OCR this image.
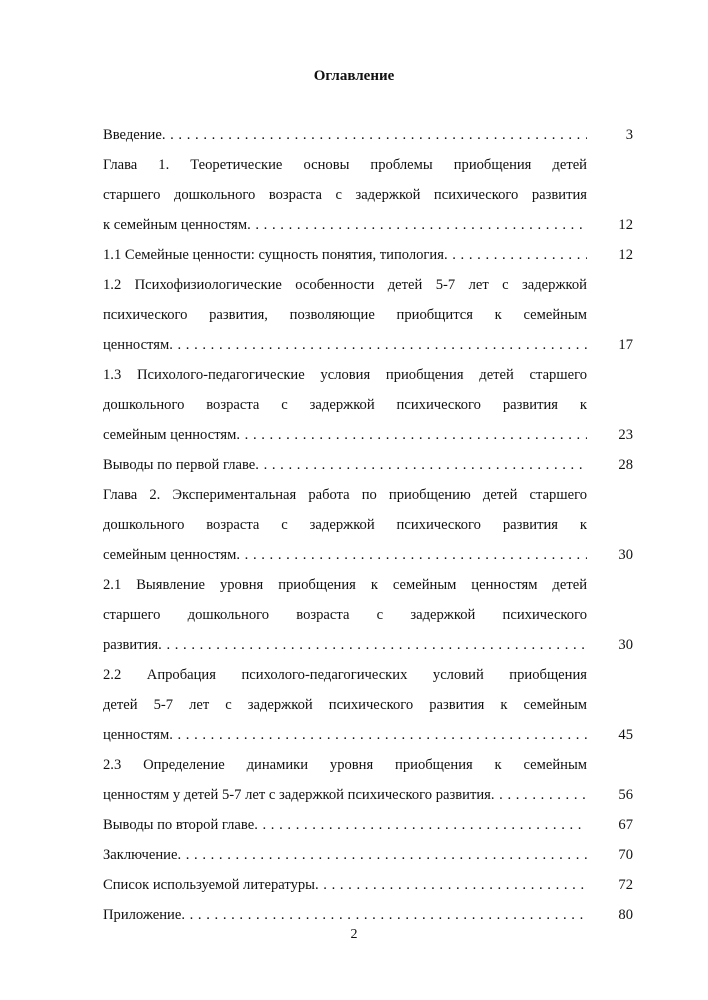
Оглавление
Введение . . .	3
Глава 1. Теоретические основы проблемы приобщения детей
старшего дошкольного возраста с задержкой психического развития
к семейным ценностям . . .	12
1.1 Семейные ценности: сущность понятия, типология . . .	12
1.2 Психофизиологические особенности детей 5-7 лет с задержкой
психического развития, позволяющие приобщится к семейным
ценностям . . .	17
1.3 Психолого-педагогические условия приобщения детей старшего
дошкольного возраста с задержкой психического развития к
семейным ценностям . . .	23
Выводы по первой главе . . .	28
Глава 2. Экспериментальная работа по приобщению детей старшего
дошкольного возраста с задержкой психического развития к
семейным ценностям . . .	30
2.1 Выявление уровня приобщения к семейным ценностям детей
старшего дошкольного возраста с задержкой психического
развития . . .	30
2.2 Апробация психолого-педагогических условий приобщения
детей 5-7 лет с задержкой психического развития к семейным
ценностям . . .	45
2.3 Определение динамики уровня приобщения к семейным
ценностям у детей 5-7 лет с задержкой психического развития . . .	56
Выводы по второй главе . . .	67
Заключение . . .	70
Список используемой литературы . . .	72
Приложение . . .	80
2
